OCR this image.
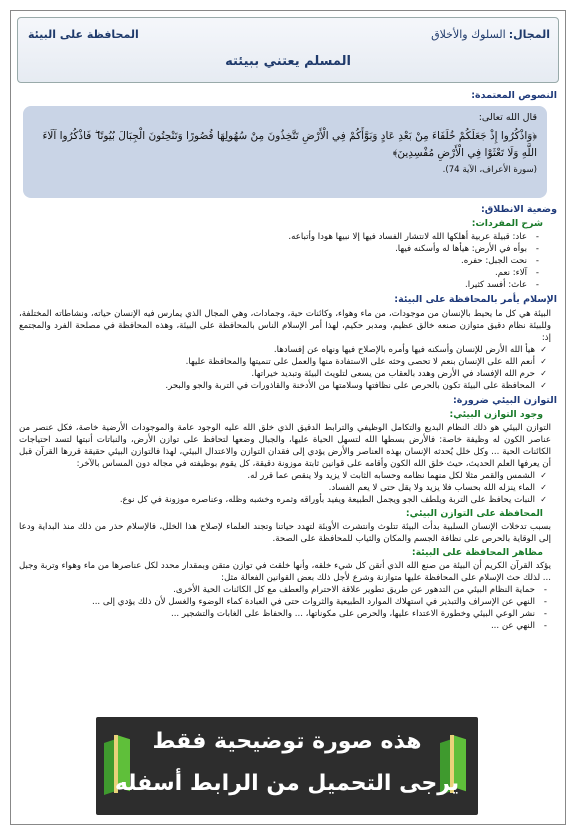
المجال:السلوك والأخلاق
المحافظة على البيئة
المسلم يعتني ببيئته
النصوص المعتمدة:
قال الله تعالى:
﴿وَاذْكُرُوا إِذْ جَعَلَكُمْ خُلَفَاءَ مِنْ بَعْدِ عَادٍ وَبَوَّأَكُمْ فِي الْأَرْضِ تَتَّخِذُونَ مِنْ سُهُولِهَا قُصُورًا وَتَنْحِتُونَ الْجِبَالَ بُيُوتًا ۖ فَاذْكُرُوا آلَاءَ اللَّهِ وَلَا تَعْثَوْا فِي الْأَرْضِ مُفْسِدِينَ﴾
(سورة الأعراف، الآية 74).
وضعية الانطلاق:
شرح المفردات:
- عاد: قبيلة عربية أهلكها الله لانتشار الفساد فيها إلا نبيها هودا وأتباعه.
- بوأه في الأرض: هيأها له وأسكنه فيها.
- نحت الجبل: حفره.
- آلاء: نعم.
- عاث: أفسد كثيرا.
الإسلام يأمر بالمحافظة على البيئة:

البيئة هي كل ما يحيط بالإنسان من موجودات، من ماء وهواء، وكائنات حية، وجمادات، وهي المجال الذي يمارس فيه الإنسان حياته، ونشاطاته المختلفة، وللبيئة نظام دقيق متوازن صنعه خالق عظيم، ومدبر حكيم، لهذا أمر الإسلام الناس بالمحافظة على البيئة، وهذه المحافظة في مصلحة الفرد والمجتمع إذ:

✓ هيأ الله الأرض للإنسان وأسكنه فيها وأمره بالإصلاح فيها ونهاه عن إفسادها.
✓ أنعم الله على الإنسان بنعم لا تحصى وحثه على الاستفادة منها والعمل على تنميتها والمحافظة عليها.
✓ حرم الله الإفساد في الأرض وهدد بالعقاب من يسعى لتلويث البيئة وتبديد خيراتها.
✓ المحافظة على البيئة تكون بالحرص على نظافتها وسلامتها من الأدخنة والقاذورات في التربة والجو والبحر.
التوازن البيئي ضرورة:
وجود التوازن البيئي:

التوازن البيئي هو ذلك النظام البديع والتكامل الوظيفي والترابط الدقيق الذي خلق الله عليه الوجود عامة والموجودات الأرضية خاصة، فكل عنصر من عناصر الكون له وظيفة خاصة: فالأرض بسطها الله لتسهل الحياة عليها، والجبال وضعها لتحافظ على توازن الأرض، والنباتات أنبتها لتسد احتياجات الكائنات الحية ... وكل خلل يُحدثه الإنسان بهذه العناصر والأرض يؤدي إلى فقدان التوازن والاعتدال البيئي، لهذا فالتوازن البيئي حقيقة قررها القرآن قبل أن يعرفها العلم الحديث، حيث خلق الله الكون وأقامه على قوانين ثابتة موزونة دقيقة، كل يقوم بوظيفته في مجاله دون المساس بالآخر:

✓ الشمس والقمر مثلا لكل منهما نظامه وحسابه الثابت لا يزيد ولا ينقص عما قرر له.
✓ الماء ينزله الله بحساب فلا يزيد ولا يقل حتى لا يعم الفساد.
✓ النبات يحافظ على التربة ويلطف الجو ويجمل الطبيعة ويفيد بأوراقه وثمره وخشبه وظله، وعناصره موزونة في كل نوع.
المحافظة على التوازن البيئي:

بسبب تدخلات الإنسان السلبية بدأت البيئة تتلوث وانتشرت الأوبئة لتهدد حياتنا وتجند العلماء لإصلاح هذا الخلل، فالإسلام حذر من ذلك منذ البداية ودعا إلى الوقاية بالحرص على نظافة الجسم والمكان والثياب للمحافظة على الصحة.

مظاهر المحافظة على البيئة:

يؤكد القرآن الكريم أن البيئة من صنع الله الذي أتقن كل شيء خلقه، وأنها خلقت في توازن متقن وبمقدار محدد لكل عناصرها من ماء وهواء وتربة وجبل ... لذلك حث الإسلام على المحافظة عليها متوازنة وشرع لأجل ذلك بعض القوانين الفعالة مثل:

- حماية النظام البيئي من التدهور عن طريق تطوير علاقة الاحترام والعطف مع كل الكائنات الحية الأخرى.
- النهي عن الإسراف والتبذير في استهلاك الموارد الطبيعية والثروات حتى في العبادة كماء الوضوء والغسل لأن ذلك يؤدي إلى ...
- نشر الوعي البيئي وخطورة الاعتداء عليها، والحرص على مكوناتها، ... والحفاظ على الغابات والتشجير ...
- النهي عن ...
هذه صورة توضيحية فقط
يرجى التحميل من الرابط أسفله
